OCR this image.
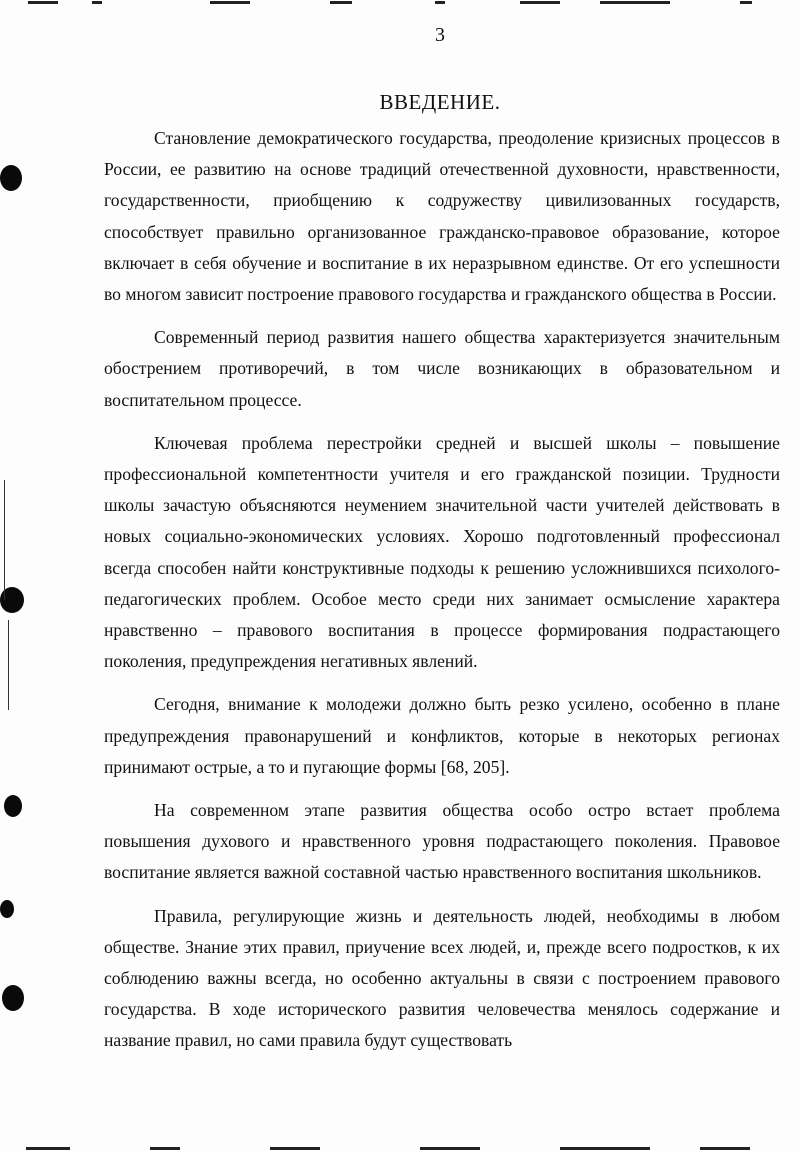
3
ВВЕДЕНИЕ.

Становление демократического государства, преодоление кризисных процессов в России, ее развитию на основе традиций отечественной духовности, нравственности, государственности, приобщению к содружеству цивилизованных государств, способствует правильно организованное гражданско-правовое образование, которое включает в себя обучение и воспитание в их неразрывном единстве. От его успешности во многом зависит построение правового государства и гражданского общества в России.

Современный период развития нашего общества характеризуется значительным обострением противоречий, в том числе возникающих в образовательном и воспитательном процессе.

Ключевая проблема перестройки средней и высшей школы – повышение профессиональной компетентности учителя и его гражданской позиции. Трудности школы зачастую объясняются неумением значительной части учителей действовать в новых социально-экономических условиях. Хорошо подготовленный профессионал всегда способен найти конструктивные подходы к решению усложнившихся психолого-педагогических проблем. Особое место среди них занимает осмысление характера нравственно – правового воспитания в процессе формирования подрастающего поколения, предупреждения негативных явлений.

Сегодня, внимание к молодежи должно быть резко усилено, особенно в плане предупреждения правонарушений и конфликтов, которые в некоторых регионах принимают острые, а то и пугающие формы [68, 205].

На современном этапе развития общества особо остро встает проблема повышения духового и нравственного уровня подрастающего поколения. Правовое воспитание является важной составной частью нравственного воспитания школьников.

Правила, регулирующие жизнь и деятельность людей, необходимы в любом обществе. Знание этих правил, приучение всех людей, и, прежде всего подростков, к их соблюдению важны всегда, но особенно актуальны в связи с построением правового государства. В ходе исторического развития человечества менялось содержание и название правил, но сами правила будут существовать
